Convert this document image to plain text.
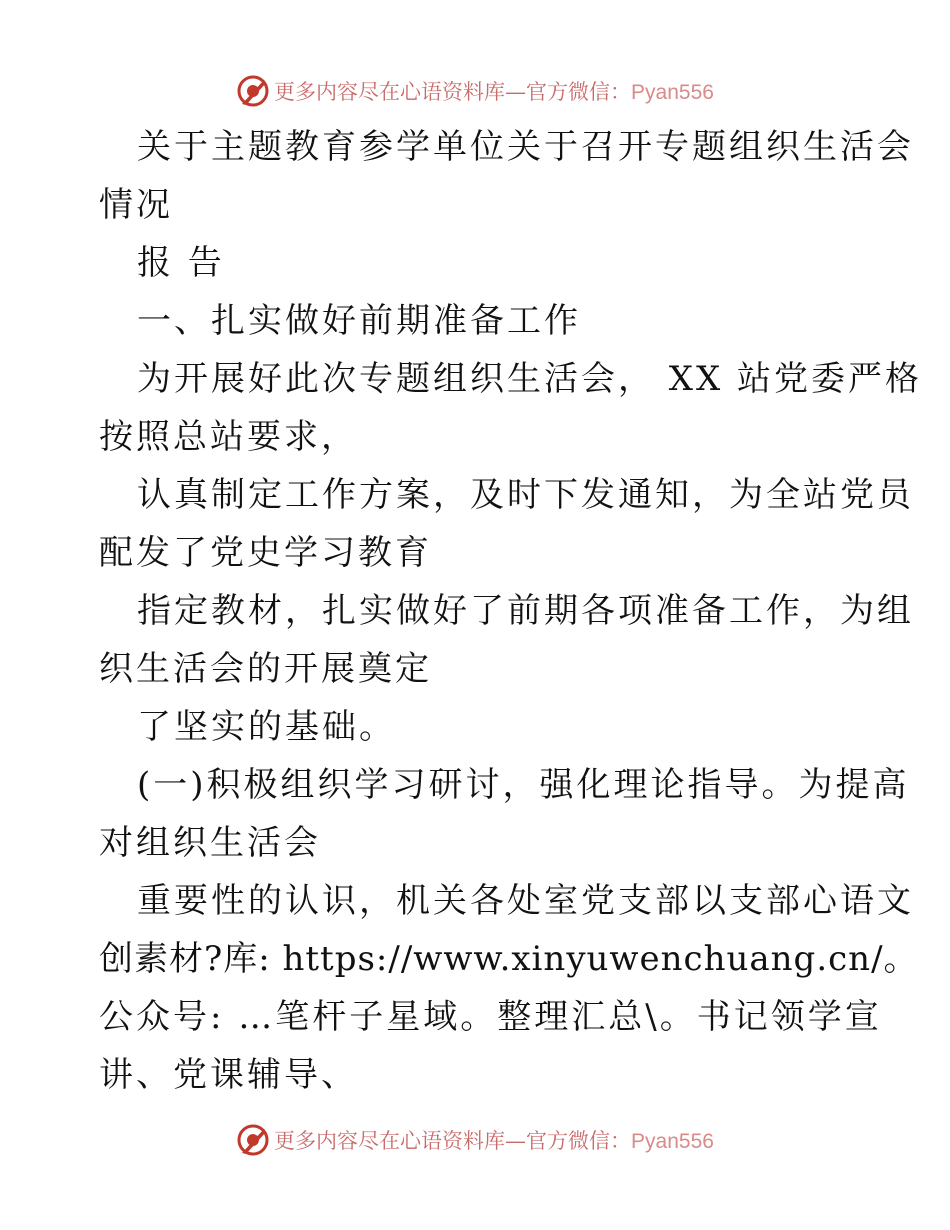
更多内容尽在心语资料库—官方微信：Pyan556
关于主题教育参学单位关于召开专题组织生活会
情况
报 告
一、扎实做好前期准备工作
为开展好此次专题组织生活会， XX 站党委严格
按照总站要求，
认真制定工作方案，及时下发通知，为全站党员
配发了党史学习教育
指定教材，扎实做好了前期各项准备工作，为组
织生活会的开展奠定
了坚实的基础。
(一)积极组织学习研讨，强化理论指导。为提高
对组织生活会
重要性的认识，机关各处室党支部以支部心语文
创素材?库: https://www.xinyuwenchuang.cn/。
公众号: …笔杆子星域。整理汇总\。书记领学宣
讲、党课辅导、
更多内容尽在心语资料库—官方微信：Pyan556
